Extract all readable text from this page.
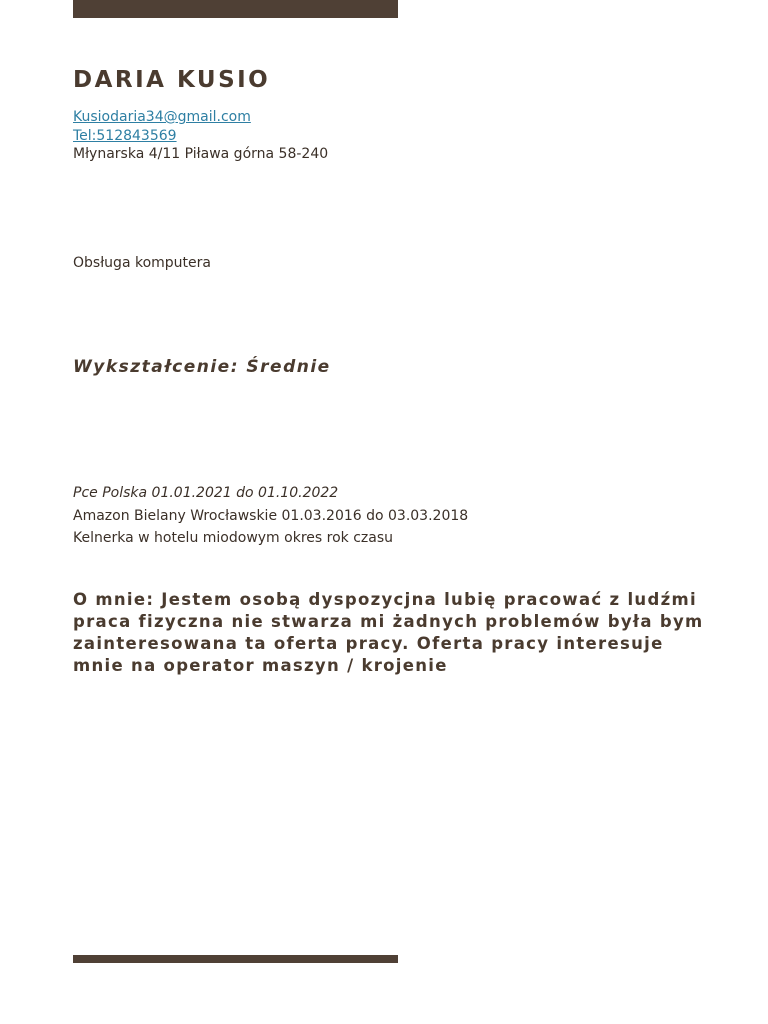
DARIA KUSIO
Kusiodaria34@gmail.com
Tel:512843569
Młynarska 4/11 Piława górna 58-240
Obsługa komputera
Wykształcenie: Średnie
Pce Polska 01.01.2021 do 01.10.2022
Amazon Bielany Wrocławskie 01.03.2016 do 03.03.2018
Kelnerka w hotelu miodowym okres rok czasu

O mnie: Jestem osobą dyspozycjna lubię pracować z ludźmi praca fizyczna nie stwarza mi żadnych problemów była bym zainteresowana ta oferta pracy. Oferta pracy interesuje mnie na operator maszyn / krojenie
